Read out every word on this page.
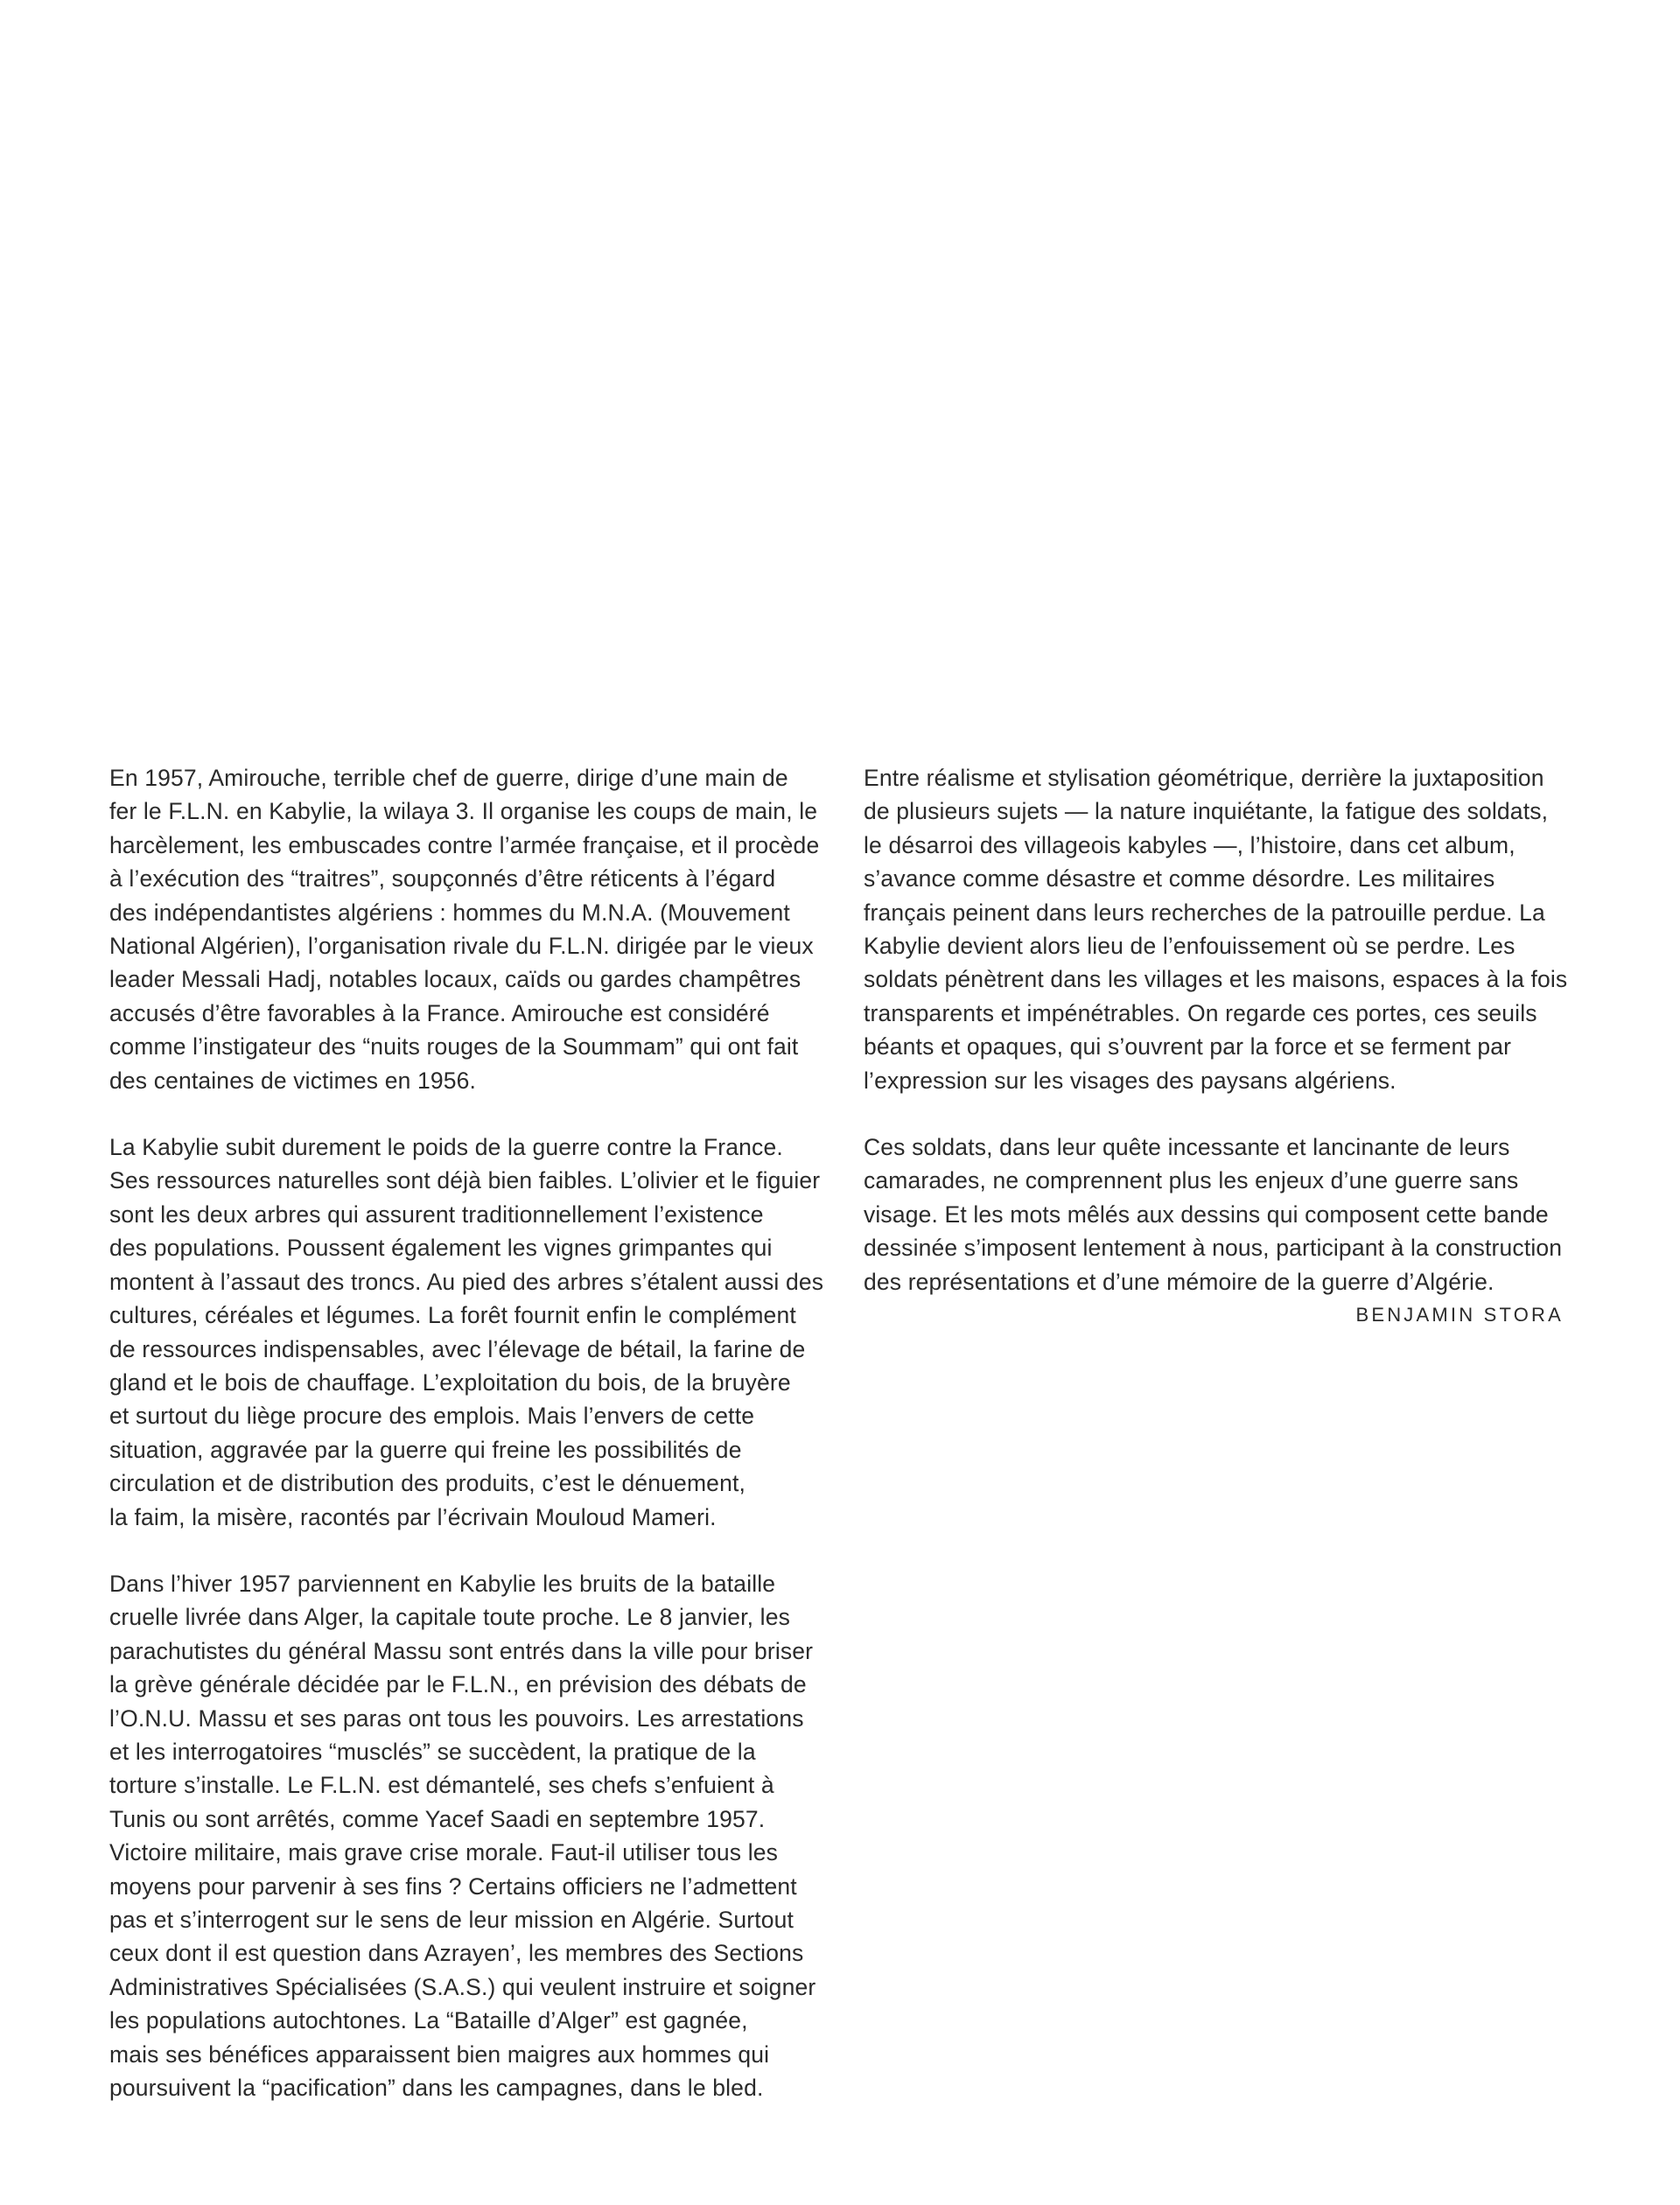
En 1957, Amirouche, terrible chef de guerre, dirige d’une main de
fer le F.L.N. en Kabylie, la wilaya 3. Il organise les coups de main, le
harcèlement, les embuscades contre l’armée française, et il procède
à l’exécution des “traitres”, soupçonnés d’être réticents à l’égard
des indépendantistes algériens : hommes du M.N.A. (Mouvement
National Algérien), l’organisation rivale du F.L.N. dirigée par le vieux
leader Messali Hadj, notables locaux, caïds ou gardes champêtres
accusés d’être favorables à la France. Amirouche est considéré
comme l’instigateur des “nuits rouges de la Soummam” qui ont fait
des centaines de victimes en 1956.
La Kabylie subit durement le poids de la guerre contre la France.
Ses ressources naturelles sont déjà bien faibles. L’olivier et le figuier
sont les deux arbres qui assurent traditionnellement l’existence
des populations. Poussent également les vignes grimpantes qui
montent à l’assaut des troncs. Au pied des arbres s’étalent aussi des
cultures, céréales et légumes. La forêt fournit enfin le complément
de ressources indispensables, avec l’élevage de bétail, la farine de
gland et le bois de chauffage. L’exploitation du bois, de la bruyère
et surtout du liège procure des emplois. Mais l’envers de cette
situation, aggravée par la guerre qui freine les possibilités de
circulation et de distribution des produits, c’est le dénuement,
la faim, la misère, racontés par l’écrivain Mouloud Mameri.
Dans l’hiver 1957 parviennent en Kabylie les bruits de la bataille
cruelle livrée dans Alger, la capitale toute proche. Le 8 janvier, les
parachutistes du général Massu sont entrés dans la ville pour briser
la grève générale décidée par le F.L.N., en prévision des débats de
l’O.N.U. Massu et ses paras ont tous les pouvoirs. Les arrestations
et les interrogatoires “musclés” se succèdent, la pratique de la
torture s’installe. Le F.L.N. est démantelé, ses chefs s’enfuient à
Tunis ou sont arrêtés, comme Yacef Saadi en septembre 1957.
Victoire militaire, mais grave crise morale. Faut-il utiliser tous les
moyens pour parvenir à ses fins ? Certains officiers ne l’admettent
pas et s’interrogent sur le sens de leur mission en Algérie. Surtout
ceux dont il est question dans Azrayen’, les membres des Sections
Administratives Spécialisées (S.A.S.) qui veulent instruire et soigner
les populations autochtones. La “Bataille d’Alger” est gagnée,
mais ses bénéfices apparaissent bien maigres aux hommes qui
poursuivent la “pacification” dans les campagnes, dans le bled.
Entre réalisme et stylisation géométrique, derrière la juxtaposition
de plusieurs sujets — la nature inquiétante, la fatigue des soldats,
le désarroi des villageois kabyles —, l’histoire, dans cet album,
s’avance comme désastre et comme désordre. Les militaires
français peinent dans leurs recherches de la patrouille perdue. La
Kabylie devient alors lieu de l’enfouissement où se perdre. Les
soldats pénètrent dans les villages et les maisons, espaces à la fois
transparents et impénétrables. On regarde ces portes, ces seuils
béants et opaques, qui s’ouvrent par la force et se ferment par
l’expression sur les visages des paysans algériens.
Ces soldats, dans leur quête incessante et lancinante de leurs
camarades, ne comprennent plus les enjeux d’une guerre sans
visage. Et les mots mêlés aux dessins qui composent cette bande
dessinée s’imposent lentement à nous, participant à la construction
des représentations et d’une mémoire de la guerre d’Algérie.
BENJAMIN STORA
